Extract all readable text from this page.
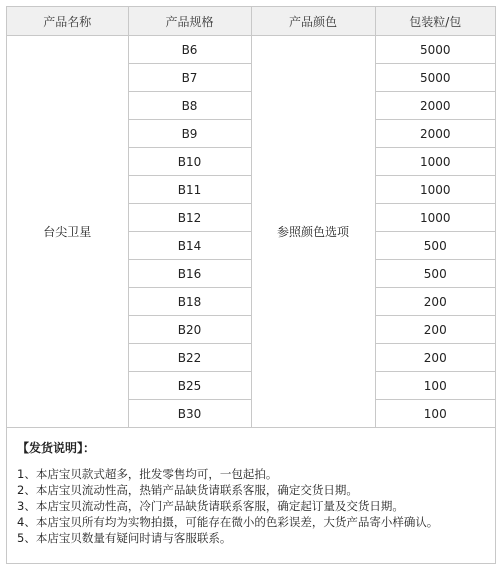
产品名称	产品规格	产品颜色	包装粒/包
台尖卫星	B6	参照颜色选项	5000
	B7		5000
	B8		2000
	B9		2000
	B10		1000
	B11		1000
	B12		1000
	B14		500
	B16		500
	B18		200
	B20		200
	B22		200
	B25		100
	B30		100
【发货说明】：
1、本店宝贝款式超多，批发零售均可，一包起拍。
2、本店宝贝流动性高，热销产品缺货请联系客服，确定交货日期。
3、本店宝贝流动性高，冷门产品缺货请联系客服，确定起订量及交货日期。
4、本店宝贝所有均为实物拍摄，可能存在微小的色彩误差，大货产品寄小样确认。
5、本店宝贝数量有疑问时请与客服联系。
